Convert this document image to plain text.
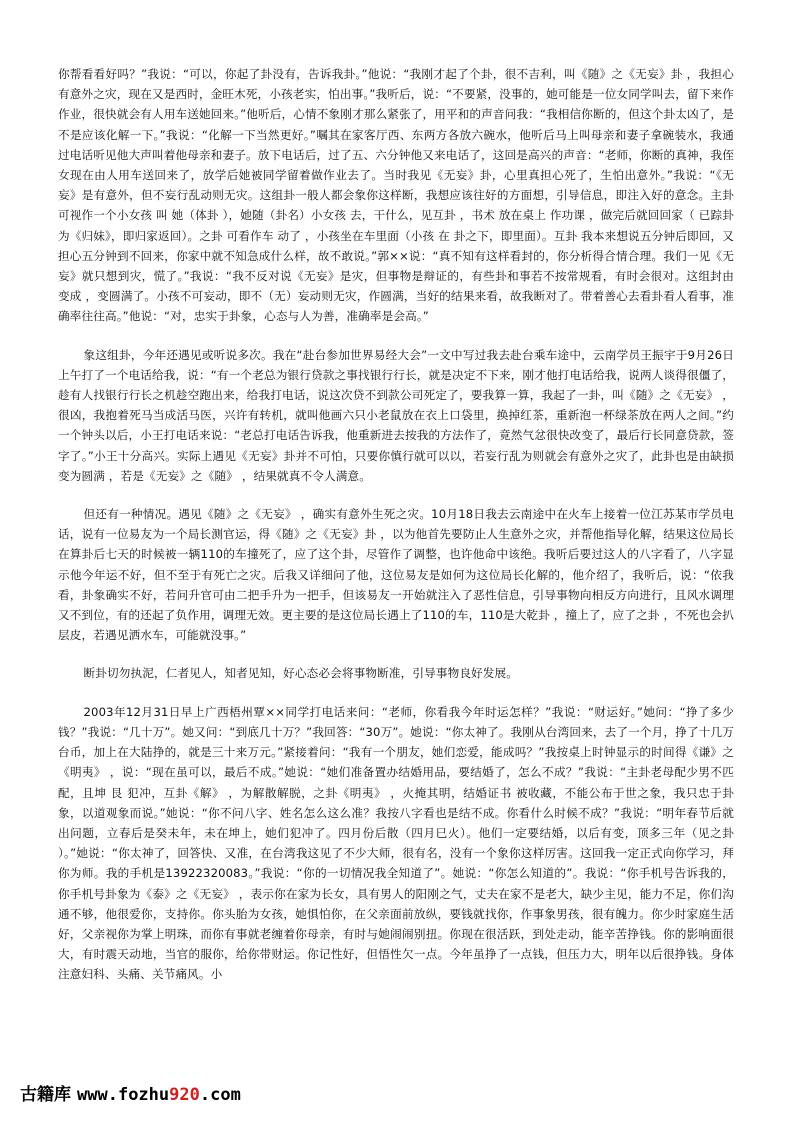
你帮看看好吗？”我说：“可以，你起了卦没有，告诉我卦。”他说：“我刚才起了个卦，很不吉利，叫《随》之《无妄》卦 ，我担心有意外之灾，现在又是西时，金旺木死，小孩老实，怕出事。”我听后，说：“不要紧，没事的，她可能是一位女同学叫去，留下来作作业，很快就会有人用车送她回来。”他听后，心情不象刚才那么紧张了，用平和的声音问我：“我相信你断的，但这个卦太凶了，是不是应该化解一下。”我说：“化解一下当然更好。”嘱其在家客厅西、东两方各放六碗水，他听后马上叫母亲和妻子拿碗装水，我通过电话听见他大声叫着他母亲和妻子。放下电话后，过了五、六分钟他又来电话了，这回是高兴的声音：“老师，你断的真神，我侄女现在由人用车送回来了，放学后她被同学留着做作业去了。当时我见《无妄》卦，心里真担心死了，生怕出意外。”我说：“《无妄》是有意外，但不妄行乱动则无灾。这组卦一般人都会象你这样断，我想应该往好的方面想，引导信息，即注入好的意念。主卦 可视作一个小女孩 叫 她（体卦 ），她随（卦名）小女孩 去，干什么，见互卦 ，书术 放在桌上 作功课 ，做完后就回回家（ 已踪卦 为《归妹》，即归家返回）。之卦 可看作车 动了 ，小孩坐在车里面（小孩 在 卦之下，即里面）。互卦 我本来想说五分钟后即回，又担心五分钟到不回来，你家中就不知急成什么样，故不敢说。”郭××说：“真不知有这样看封的，你分析得合情合理。我们一见《无妄》就只想到灾，慌了。”我说：“我不反对说《无妄》是灾，但事物是辩证的，有些卦和事若不按常规看，有时会很对。这组封由 变成 ，变圆满了。小孩不可妄动，即不（无）妄动则无灾，作圆满，当好的结果来看，故我断对了。带着善心去看卦看人看事，准确率往往高。”他说：“对，忠实于卦象，心态与人为善，准确率是会高。”

象这组卦，今年还遇见或听说多次。我在“赴台参加世界易经大会”一文中写过我去赴台乘车途中，云南学员王振宇于9月26日上午打了一个电话给我，说：“有一个老总为银行贷款之事找银行行长，就是决定不下来，刚才他打电话给我，说两人谈得很僵了，趁有人找银行行长之机趁空跑出来，给我打电话，说这次贷不到款公司死定了，要我算一算，我起了一卦，叫《随》之《无妄》 ，很凶，我抱着死马当成活马医，兴许有转机，就叫他画六只小老鼠放在衣上口袋里，换掉红茶，重新泡一杯绿茶放在两人之间。”约一个钟头以后，小王打电话来说：“老总打电话告诉我，他重新进去按我的方法作了，竟然气忿很快改变了，最后行长同意贷款，签字了。”小王十分高兴。实际上遇见《无妄》卦并不可怕，只要你慎行就可以以，若妄行乱为则就会有意外之灾了，此卦也是由缺损 变为圆满 ，若是《无妄》之《随》 ，结果就真不令人满意。

但还有一种情况。遇见《随》之《无妄》 ，确实有意外生死之灾。10月18日我去云南途中在火车上接着一位江苏某市学员电话，说有一位易友为一个局长测官运，得《随》之《无妄》卦 ，以为他首先要防止人生意外之灾，并帮他指导化解，结果这位局长在算卦后七天的时候被一辆110的车撞死了，应了这个卦，尽管作了调整，也许他命中该绝。我听后要过这人的八字看了，八字显示他今年运不好，但不至于有死亡之灾。后我又详细问了他，这位易友是如何为这位局长化解的，他介绍了，我听后，说：“依我看，卦象确实不好，若问升官可由二把手升为一把手，但该易友一开始就注入了恶性信息，引导事物向相反方向进行，且风水调理又不到位，有的还起了负作用，调理无效。更主要的是这位局长遇上了110的车，110是大乾卦 ，撞上了，应了之卦 ，不死也会扒层皮，若遇见洒水车，可能就没事。”

断卦切勿执泥，仁者见人，知者见知，好心态必会将事物断准，引导事物良好发展。

2003年12月31日早上广西梧州覃××同学打电话来问：“老师，你看我今年时运怎样？”我说：“财运好。”她问：“挣了多少钱？”我说：“几十万”。她又问：“到底几十万？”我回答：“30万”。她说：“你太神了。我刚从台湾回来，去了一个月，挣了十几万台币，加上在大陆挣的，就是三十来万元。”紧接着问：“我有一个朋友，她们恋爱，能成吗？”我按桌上时钟显示的时间得《谦》之《明夷》 ，说：“现在虽可以，最后不成。”她说：“她们准备置办结婚用品，要结婚了，怎么不成？”我说：“主卦老母配少男不匹配，且坤 艮 犯冲，互卦《解》 ，为解散解脱，之卦《明夷》 ，火掩其明，结婚证书 被收藏，不能公布于世之象，我只忠于卦象，以道观象而说。”她说：“你不问八字、姓名怎么这么准？我按八字看也是结不成。你看什么时候不成？”我说：“明年春节后就出问题，立春后是癸未年，未在坤上，她们犯冲了。四月份后散（四月巳火）。他们一定要结婚，以后有变，顶多三年（见之卦 ）。”她说：“你太神了，回答快、又准，在台湾我这见了不少大师，很有名，没有一个象你这样厉害。这回我一定正式向你学习，拜你为师。我的手机是13922320083。”我说：“你的一切情况我全知道了”。她说：“你怎么知道的”。我说：“你手机号告诉我的，你手机号卦象为《泰》之《无妄》 ，表示你在家为长女，具有男人的阳刚之气，丈夫在家不是老大，缺少主见，能力不足，你们沟通不够，他很爱你，支持你。你头胎为女孩，她惧怕你，在父亲面前放纵，要钱就找你，作事象男孩，很有魄力。你少时家庭生活好，父亲视你为掌上明珠，而你有事就老缠着你母亲，有时与她闹闹别扭。你现在很活跃，到处走动，能辛苦挣钱。你的影响面很大，有时震天动地，当官的服你，给你带财运。你记性好，但悟性欠一点。今年虽挣了一点钱，但压力大，明年以后很挣钱。身体注意妇科、头痛、关节痛风。小

古籍库 www. fozhu 920 .com
